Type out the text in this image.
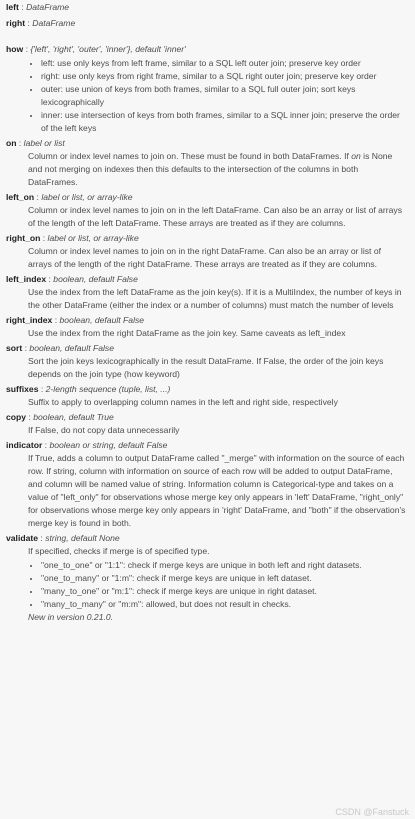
left : DataFrame

right : DataFrame

how : {'left', 'right', 'outer', 'inner'}, default 'inner'

• left: use only keys from left frame, similar to a SQL left outer join; preserve key order
• right: use only keys from right frame, similar to a SQL right outer join; preserve key order
• outer: use union of keys from both frames, similar to a SQL full outer join; sort keys lexicographically
• inner: use intersection of keys from both frames, similar to a SQL inner join; preserve the order of the left keys

on : label or list

Column or index level names to join on. These must be found in both DataFrames. If on is None and not merging on indexes then this defaults to the intersection of the columns in both DataFrames.

left_on : label or list, or array-like

Column or index level names to join on in the left DataFrame. Can also be an array or list of arrays of the length of the left DataFrame. These arrays are treated as if they are columns.

right_on : label or list, or array-like

Column or index level names to join on in the right DataFrame. Can also be an array or list of arrays of the length of the right DataFrame. These arrays are treated as if they are columns.

left_index : boolean, default False

Use the index from the left DataFrame as the join key(s). If it is a MultiIndex, the number of keys in the other DataFrame (either the index or a number of columns) must match the number of levels

right_index : boolean, default False

Use the index from the right DataFrame as the join key. Same caveats as left_index

sort : boolean, default False

Sort the join keys lexicographically in the result DataFrame. If False, the order of the join keys depends on the join type (how keyword)

suffixes : 2-length sequence (tuple, list, ...)

Suffix to apply to overlapping column names in the left and right side, respectively

copy : boolean, default True

If False, do not copy data unnecessarily

indicator : boolean or string, default False

If True, adds a column to output DataFrame called "_merge" with information on the source of each row. If string, column with information on source of each row will be added to output DataFrame, and column will be named value of string. Information column is Categorical-type and takes on a value of "left_only" for observations whose merge key only appears in 'left' DataFrame, "right_only" for observations whose merge key only appears in 'right' DataFrame, and "both" if the observation's merge key is found in both.

validate : string, default None

If specified, checks if merge is of specified type.

• "one_to_one" or "1:1": check if merge keys are unique in both left and right datasets.
• "one_to_many" or "1:m": check if merge keys are unique in left dataset.
• "many_to_one" or "m:1": check if merge keys are unique in right dataset.
• "many_to_many" or "m:m": allowed, but does not result in checks.

New in version 0.21.0.

CSDN @Fanstuck
